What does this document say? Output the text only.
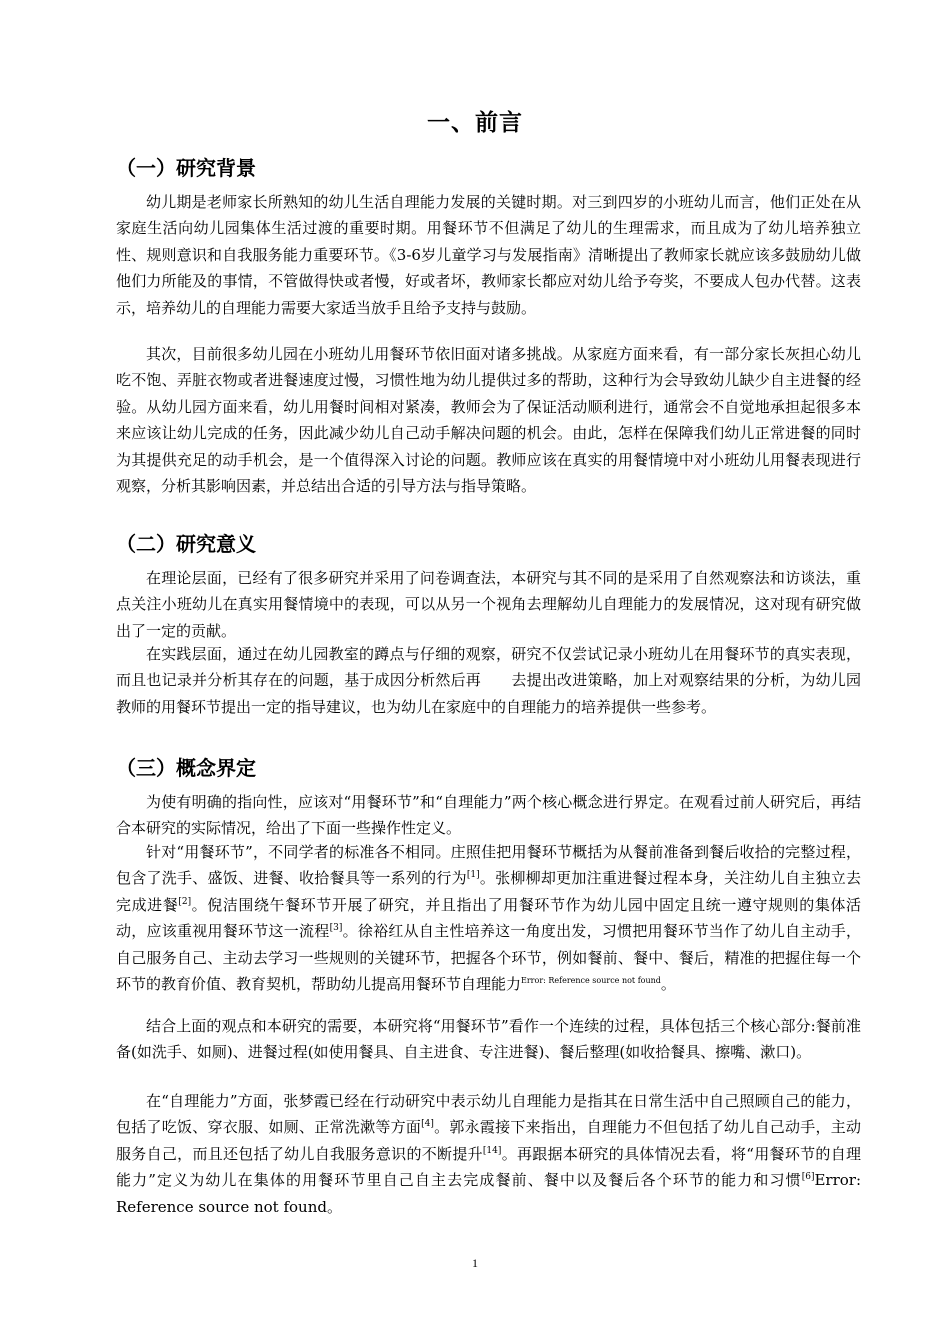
一、前言
（一）研究背景

幼儿期是老师家长所熟知的幼儿生活自理能力发展的关键时期。对三到四岁的小班幼儿而言，他们正处在从家庭生活向幼儿园集体生活过渡的重要时期。用餐环节不但满足了幼儿的生理需求，而且成为了幼儿培养独立性、规则意识和自我服务能力重要环节。《3-6岁儿童学习与发展指南》清晰提出了教师家长就应该多鼓励幼儿做他们力所能及的事情，不管做得快或者慢，好或者坏，教师家长都应对幼儿给予夸奖，不要成人包办代替。这表示，培养幼儿的自理能力需要大家适当放手且给予支持与鼓励。

其次，目前很多幼儿园在小班幼儿用餐环节依旧面对诸多挑战。从家庭方面来看，有一部分家长灰担心幼儿吃不饱、弄脏衣物或者进餐速度过慢，习惯性地为幼儿提供过多的帮助，这种行为会导致幼儿缺少自主进餐的经验。从幼儿园方面来看，幼儿用餐时间相对紧凑，教师会为了保证活动顺利进行，通常会不自觉地承担起很多本来应该让幼儿完成的任务，因此减少幼儿自己动手解决问题的机会。由此，怎样在保障我们幼儿正常进餐的同时为其提供充足的动手机会，是一个值得深入讨论的问题。教师应该在真实的用餐情境中对小班幼儿用餐表现进行观察，分析其影响因素，并总结出合适的引导方法与指导策略。

（二）研究意义

在理论层面，已经有了很多研究并采用了问卷调查法，本研究与其不同的是采用了自然观察法和访谈法，重点关注小班幼儿在真实用餐情境中的表现，可以从另一个视角去理解幼儿自理能力的发展情况，这对现有研究做出了一定的贡献。

在实践层面，通过在幼儿园教室的蹲点与仔细的观察，研究不仅尝试记录小班幼儿在用餐环节的真实表现，而且也记录并分析其存在的问题，基于成因分析然后再　　去提出改进策略，加上对观察结果的分析，为幼儿园教师的用餐环节提出一定的指导建议，也为幼儿在家庭中的自理能力的培养提供一些参考。

（三）概念界定

为使有明确的指向性，应该对“用餐环节”和“自理能力”两个核心概念进行界定。在观看过前人研究后，再结合本研究的实际情况，给出了下面一些操作性定义。

针对“用餐环节”，不同学者的标准各不相同。庄照佳把用餐环节概括为从餐前准备到餐后收拾的完整过程，包含了洗手、盛饭、进餐、收拾餐具等一系列的行为[1]。张柳柳却更加注重进餐过程本身，关注幼儿自主独立去完成进餐[2]。倪洁围绕午餐环节开展了研究，并且指出了用餐环节作为幼儿园中固定且统一遵守规则的集体活动，应该重视用餐环节这一流程[3]。徐裕红从自主性培养这一角度出发，习惯把用餐环节当作了幼儿自主动手，自己服务自己、主动去学习一些规则的关键环节，把握各个环节，例如餐前、餐中、餐后，精准的把握住每一个环节的教育价值、教育契机，帮助幼儿提高用餐环节自理能力$^{Error: Reference source not found}$。

结合上面的观点和本研究的需要，本研究将“用餐环节”看作一个连续的过程，具体包括三个核心部分:餐前准备(如洗手、如厕)、进餐过程(如使用餐具、自主进食、专注进餐)、餐后整理(如收拾餐具、擦嘴、漱口)。

在“自理能力”方面，张梦霞已经在行动研究中表示幼儿自理能力是指其在日常生活中自己照顾自己的能力，包括了吃饭、穿衣服、如厕、正常洗漱等方面[4]。郭永霞接下来指出，自理能力不但包括了幼儿自己动手，主动服务自己，而且还包括了幼儿自我服务意识的不断提升[14]。再跟据本研究的具体情况去看，将“用餐环节的自理能力”定义为幼儿在集体的用餐环节里自己自主去完成餐前、餐中以及餐后各个环节的能力和习惯[6]Error: Reference source not found。

1
